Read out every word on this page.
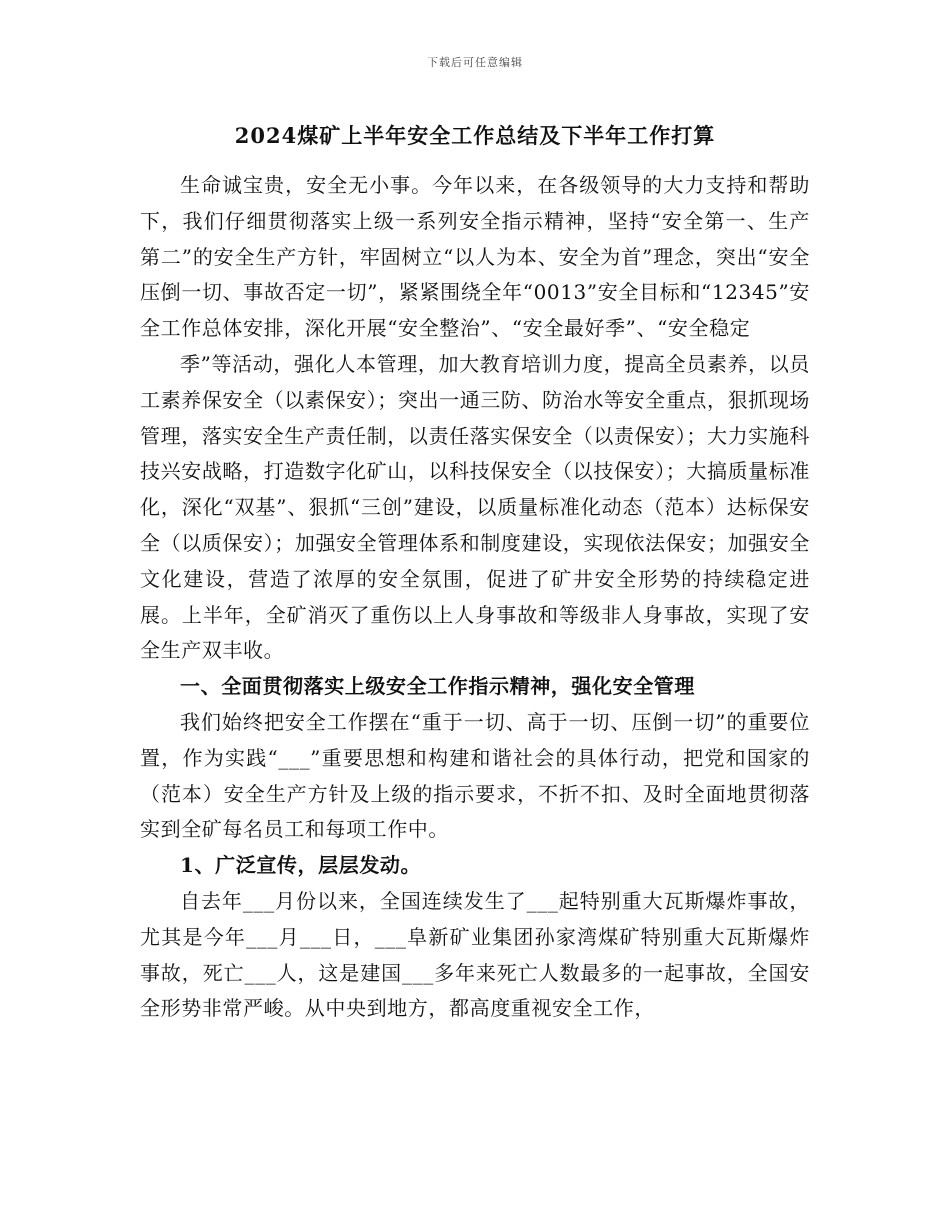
下载后可任意编辑
2024煤矿上半年安全工作总结及下半年工作打算

生命诚宝贵，安全无小事。今年以来，在各级领导的大力支持和帮助下，我们仔细贯彻落实上级一系列安全指示精神，坚持“安全第一、生产第二”的安全生产方针，牢固树立“以人为本、安全为首”理念，突出“安全压倒一切、事故否定一切”，紧紧围绕全年“0013”安全目标和“12345”安全工作总体安排，深化开展“安全整治”、“安全最好季”、“安全稳定

季”等活动，强化人本管理，加大教育培训力度，提高全员素养，以员工素养保安全（以素保安）；突出一通三防、防治水等安全重点，狠抓现场管理，落实安全生产责任制，以责任落实保安全（以责保安）；大力实施科技兴安战略，打造数字化矿山，以科技保安全（以技保安）；大搞质量标准化，深化“双基”、狠抓“三创”建设，以质量标准化动态（范本）达标保安全（以质保安）；加强安全管理体系和制度建设，实现依法保安；加强安全文化建设，营造了浓厚的安全氛围，促进了矿井安全形势的持续稳定进展。上半年，全矿消灭了重伤以上人身事故和等级非人身事故，实现了安全生产双丰收。

一、全面贯彻落实上级安全工作指示精神，强化安全管理

我们始终把安全工作摆在“重于一切、高于一切、压倒一切”的重要位置，作为实践“___”重要思想和构建和谐社会的具体行动，把党和国家的（范本）安全生产方针及上级的指示要求，不折不扣、及时全面地贯彻落实到全矿每名员工和每项工作中。

1、广泛宣传，层层发动。

自去年___月份以来，全国连续发生了___起特别重大瓦斯爆炸事故，尤其是今年___月___日，___阜新矿业集团孙家湾煤矿特别重大瓦斯爆炸事故，死亡___人，这是建国___多年来死亡人数最多的一起事故，全国安全形势非常严峻。从中央到地方，都高度重视安全工作，
